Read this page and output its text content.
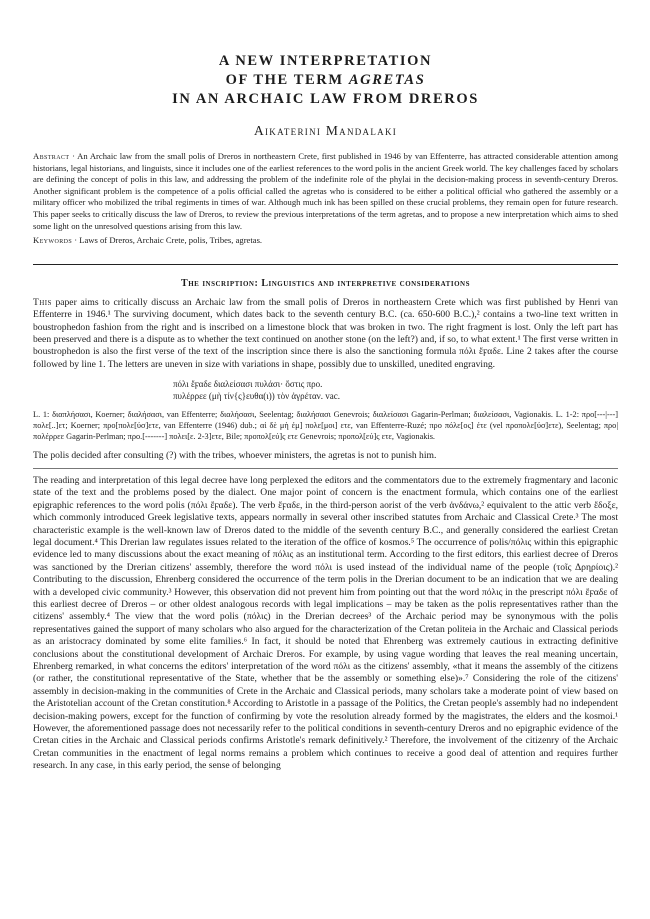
A NEW INTERPRETATION
OF THE TERM AGRETAS
IN AN ARCHAIC LAW FROM DREROS
Aikaterini Mandalaki

Abstract · An Archaic law from the small polis of Dreros in northeastern Crete, first published in 1946 by van Effenterre, has attracted considerable attention among historians, legal historians, and linguists, since it includes one of the earliest references to the word polis in the ancient Greek world. The key challenges faced by scholars are defining the concept of polis in this law, and addressing the problem of the indefinite role of the phylai in the decision-making process in seventh-century Dreros. Another significant problem is the competence of a polis official called the agretas who is considered to be either a political official who gathered the assembly or a military officer who mobilized the tribal regiments in times of war. Although much ink has been spilled on these crucial problems, they remain open for future research. This paper seeks to critically discuss the law of Dreros, to review the previous interpretations of the term agretas, and to propose a new interpretation which aims to shed some light on the unresolved questions arising from this law.

Keywords · Laws of Dreros, Archaic Crete, polis, Tribes, agretas.

The inscription: Linguistics and interpretive considerations

This paper aims to critically discuss an Archaic law from the small polis of Dreros in northeastern Crete which was first published by Henri van Effenterre in 1946.¹ The surviving document, which dates back to the seventh century B.C. (ca. 650-600 B.C.),² contains a two-line text written in boustrophedon fashion from the right and is inscribed on a limestone block that was broken in two. The right fragment is lost. Only the left part has been preserved and there is a dispute as to whether the text continued on another stone (on the left?) and, if so, to what extent.¹ The first verse written in boustrophedon is also the first verse of the text of the inscription since there is also the sanctioning formula πόλι ἔϝαδε. Line 2 takes after the course followed by line 1. The letters are uneven in size with variations in shape, possibly due to unskilled, unedited engraving.

πόλι ἔϝαδε διαλείσασι πυλάσι· ὄστις προ.
πυλέρρεε (μὴ τίν{ς}ευθα(ι)) τὸν ἀγρέταν. vac.

L. 1: διαπλήσασι, Koerner; διαλήσασι, van Effenterre; διαλήσασι, Seelentag; διαλήσασι Genevrois; διαλείσασι Gagarin-Perlman; διαλείσασι, Vagionakis. L. 1-2: προ[---|---] πολε[..]ετ; Koerner; προ[πολε[ύσ]ετε, van Effenterre (1946) dub.; αἰ δὲ μὴ ἐμ] πολε[μοι] ετε, van Effenterre-Ruzé; προ πόλε[ος] ἐτε (vel προπολε[ύσ]ετε), Seelentag; προ|πολέρρεε Gagarin-Perlman; προ.[-------] πολει[ε. 2-3]ετε, Bile; προπολ[εύ]ς ετε Genevrois; προπολ[εύ]ς ετε, Vagionakis.

The polis decided after consulting (?) with the tribes, whoever ministers, the agretas is not to punish him.

The reading and interpretation of this legal decree have long perplexed the editors and the commentators due to the extremely fragmentary and laconic state of the text and the problems posed by the dialect. One major point of concern is the enactment formula, which contains one of the earliest epigraphic references to the word polis (πόλι ἔϝαδε). The verb ἔϝαδε, in the third-person aorist of the verb ἁνδάνω,² equivalent to the attic verb ἔδοξε, which commonly introduced Greek legislative texts, appears normally in several other inscribed statutes from Archaic and Classical Crete.³ The most characteristic example is the well-known law of Dreros dated to the middle of the seventh century B.C., and generally considered the earliest Cretan legal document.⁴ This Drerian law regulates issues related to the iteration of the office of kosmos.⁵ The occurrence of polis/πόλις within this epigraphic evidence led to many discussions about the exact meaning of πόλις as an institutional term. According to the first editors, this earliest decree of Dreros was sanctioned by the Drerian citizens' assembly, therefore the word πόλι is used instead of the individual name of the people (τοῖς Δρηρίοις).² Contributing to the discussion, Ehrenberg considered the occurrence of the term polis in the Drerian document to be an indication that we are dealing with a developed civic community.³ However, this observation did not prevent him from pointing out that the word πόλις in the prescript πόλι ἔϝαδε of this earliest decree of Dreros – or other oldest analogous records with legal implications – may be taken as the polis representatives rather than the citizens' assembly.⁴ The view that the word polis (πόλις) in the Drerian decrees³ of the Archaic period may be synonymous with the polis representatives gained the support of many scholars who also argued for the characterization of the Cretan politeia in the Archaic and Classical periods as an aristocracy dominated by some elite families.⁶ In fact, it should be noted that Ehrenberg was extremely cautious in extracting definitive conclusions about the constitutional development of Archaic Dreros. For example, by using vague wording that leaves the real meaning uncertain, Ehrenberg remarked, in what concerns the editors' interpretation of the word πόλι as the citizens' assembly, «that it means the assembly of the citizens (or rather, the constitutional representative of the State, whether that be the assembly or something else)».⁷ Considering the role of the citizens' assembly in decision-making in the communities of Crete in the Archaic and Classical periods, many scholars take a moderate point of view based on the Aristotelian account of the Cretan constitution.⁸ According to Aristotle in a passage of the Politics, the Cretan people's assembly had no independent decision-making powers, except for the function of confirming by vote the resolution already formed by the magistrates, the elders and the kosmoi.¹ However, the aforementioned passage does not necessarily refer to the political conditions in seventh-century Dreros and no epigraphic evidence of the Cretan cities in the Archaic and Classical periods confirms Aristotle's remark definitively.² Therefore, the involvement of the citizenry of the Archaic Cretan communities in the enactment of legal norms remains a problem which continues to receive a good deal of attention and requires further research. In any case, in this early period, the sense of belonging
